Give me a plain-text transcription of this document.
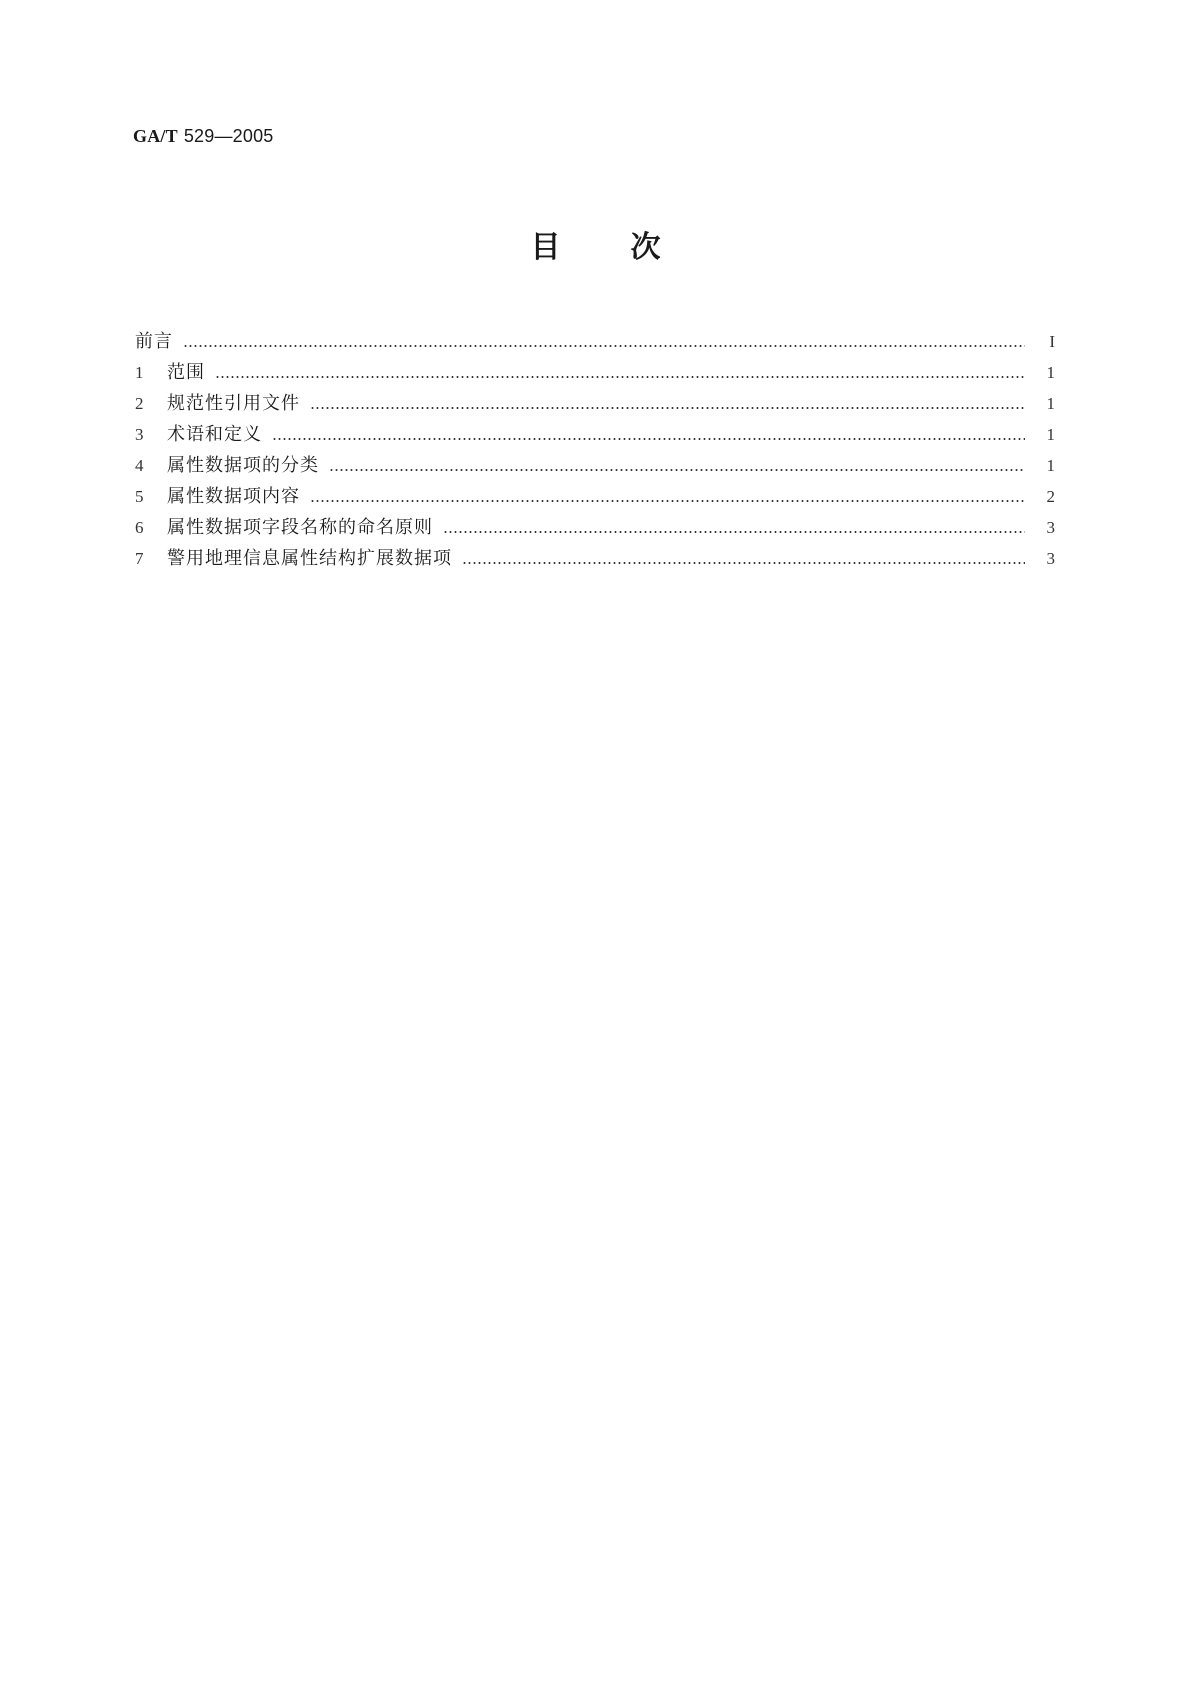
GA/T 529—2005
目 次
前言	I
1	范围	1
2	规范性引用文件	1
3	术语和定义	1
4	属性数据项的分类	1
5	属性数据项内容	2
6	属性数据项字段名称的命名原则	3
7	警用地理信息属性结构扩展数据项	3
